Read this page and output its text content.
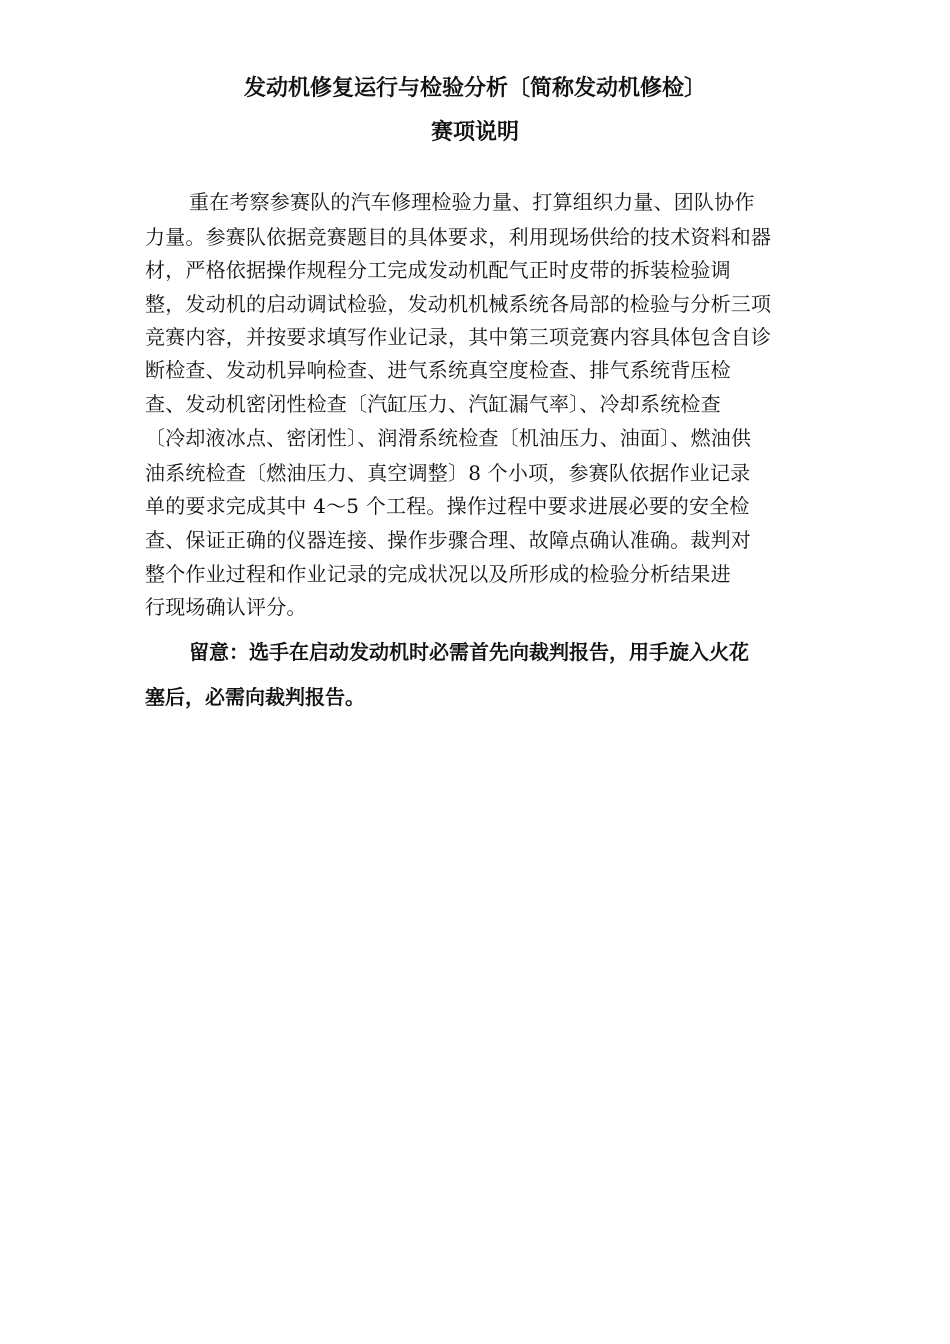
发动机修复运行与检验分析〔简称发动机修检〕
赛项说明
重在考察参赛队的汽车修理检验力量、打算组织力量、团队协作
力量。参赛队依据竞赛题目的具体要求，利用现场供给的技术资料和器
材，严格依据操作规程分工完成发动机配气正时皮带的拆装检验调
整，发动机的启动调试检验，发动机机械系统各局部的检验与分析三项
竞赛内容，并按要求填写作业记录，其中第三项竞赛内容具体包含自诊
断检查、发动机异响检查、进气系统真空度检查、排气系统背压检
查、发动机密闭性检查〔汽缸压力、汽缸漏气率〕、冷却系统检查
〔冷却液冰点、密闭性〕、润滑系统检查〔机油压力、油面〕、燃油供
油系统检查〔燃油压力、真空调整〕8 个小项，参赛队依据作业记录
单的要求完成其中 4～5 个工程。操作过程中要求进展必要的安全检
查、保证正确的仪器连接、操作步骤合理、故障点确认准确。裁判对
整个作业过程和作业记录的完成状况以及所形成的检验分析结果进
行现场确认评分。
留意：选手在启动发动机时必需首先向裁判报告，用手旋入火花
塞后，必需向裁判报告。
